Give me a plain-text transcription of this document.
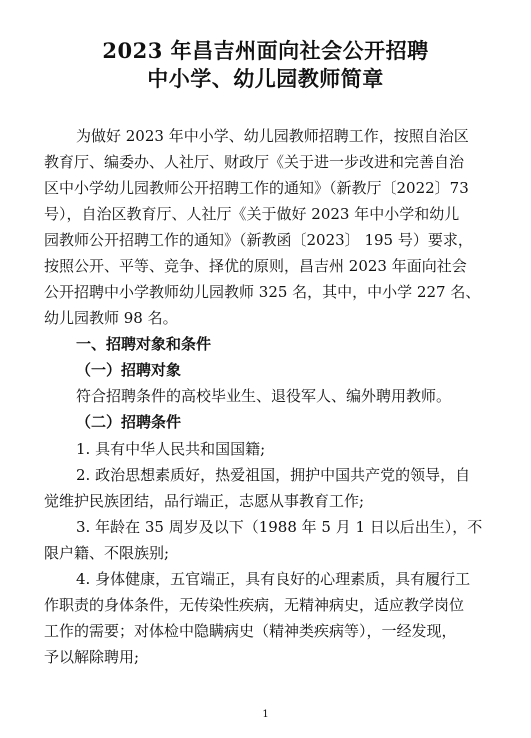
2023 年昌吉州面向社会公开招聘
中小学、幼儿园教师简章
为做好 2023 年中小学、幼儿园教师招聘工作，按照自治区
教育厅、编委办、人社厅、财政厅《关于进一步改进和完善自治
区中小学幼儿园教师公开招聘工作的通知》（新教厅〔2022〕73
号），自治区教育厅、人社厅《关于做好 2023 年中小学和幼儿
园教师公开招聘工作的通知》（新教函〔2023〕 195 号）要求，
按照公开、平等、竞争、择优的原则，昌吉州 2023 年面向社会
公开招聘中小学教师幼儿园教师 325 名，其中，中小学 227 名、
幼儿园教师 98 名。
一、招聘对象和条件
（一）招聘对象
符合招聘条件的高校毕业生、退役军人、编外聘用教师。
（二）招聘条件
1. 具有中华人民共和国国籍;
2. 政治思想素质好，热爱祖国，拥护中国共产党的领导，自
觉维护民族团结，品行端正，志愿从事教育工作;
3. 年龄在 35 周岁及以下（1988 年 5 月 1 日以后出生），不
限户籍、不限族别;
4. 身体健康，五官端正，具有良好的心理素质，具有履行工
作职责的身体条件，无传染性疾病，无精神病史，适应教学岗位
工作的需要；对体检中隐瞒病史（精神类疾病等），一经发现，
予以解除聘用;
1
